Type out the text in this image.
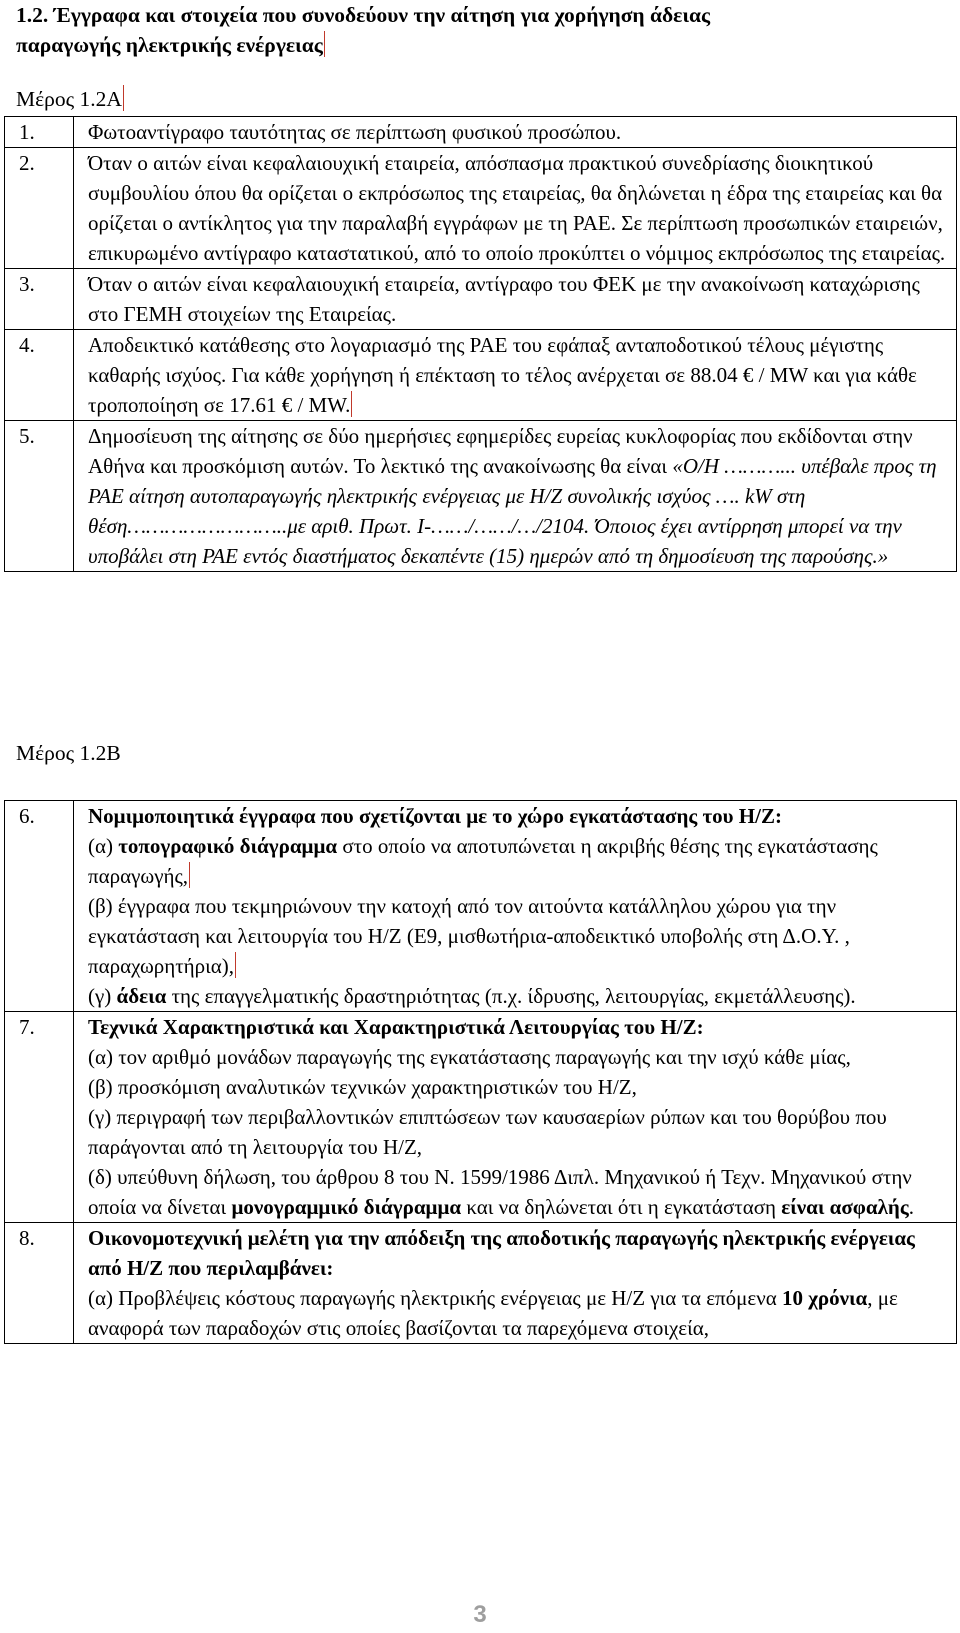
1.2. Έγγραφα και στοιχεία που συνοδεύουν την αίτηση για χορήγηση άδειας
παραγωγής ηλεκτρικής ενέργειας
Μέρος 1.2Α
1.	Φωτοαντίγραφο ταυτότητας σε περίπτωση φυσικού προσώπου.
2.	Όταν ο αιτών είναι κεφαλαιουχική εταιρεία, απόσπασμα πρακτικού συνεδρίασης διοικητικού συμβουλίου όπου θα ορίζεται ο εκπρόσωπος της εταιρείας, θα δηλώνεται η έδρα της εταιρείας και θα ορίζεται ο αντίκλητος για την παραλαβή εγγράφων με τη ΡΑΕ. Σε περίπτωση προσωπικών εταιρειών, επικυρωμένο αντίγραφο καταστατικού, από το οποίο προκύπτει ο νόμιμος εκπρόσωπος της εταιρείας.
3.	Όταν ο αιτών είναι κεφαλαιουχική εταιρεία, αντίγραφο του ΦΕΚ με την ανακοίνωση καταχώρισης στο ΓΕΜΗ στοιχείων της Εταιρείας.
4.	Αποδεικτικό κατάθεσης στο λογαριασμό της ΡΑΕ του εφάπαξ ανταποδοτικού τέλους μέγιστης καθαρής ισχύος. Για κάθε χορήγηση ή επέκταση το τέλος ανέρχεται σε 88.04 € / MW και για κάθε τροποποίηση σε 17.61 € / MW.
5.	Δημοσίευση της αίτησης σε δύο ημερήσιες εφημερίδες ευρείας κυκλοφορίας που εκδίδονται στην Αθήνα και προσκόμιση αυτών. Το λεκτικό της ανακοίνωσης θα είναι «Ο/Η ………... υπέβαλε προς τη ΡΑΕ αίτηση αυτοπαραγωγής ηλεκτρικής ενέργειας με Η/Ζ συνολικής ισχύος …. kW στη θέση……………………..με αριθ. Πρωτ. Ι-……/……/…/2104. Όποιος έχει αντίρρηση μπορεί να την υποβάλει στη ΡΑΕ εντός διαστήματος δεκαπέντε (15) ημερών από τη δημοσίευση της παρούσης.»
Μέρος 1.2Β
6.	Νομιμοποιητικά έγγραφα που σχετίζονται με το χώρο εγκατάστασης του Η/Ζ:

(α) τοπογραφικό διάγραμμα στο οποίο να αποτυπώνεται η ακριβής θέσης της εγκατάστασης παραγωγής,

(β) έγγραφα που τεκμηριώνουν την κατοχή από τον αιτούντα κατάλληλου χώρου για την εγκατάσταση και λειτουργία του Η/Ζ (Ε9, μισθωτήρια-αποδεικτικό υποβολής στη Δ.Ο.Υ. , παραχωρητήρια),

(γ) άδεια της επαγγελματικής δραστηριότητας (π.χ. ίδρυσης, λειτουργίας, εκμετάλλευσης).

7.	Τεχνικά Χαρακτηριστικά και Χαρακτηριστικά Λειτουργίας του Η/Ζ:

(α) τον αριθμό μονάδων παραγωγής της εγκατάστασης παραγωγής και την ισχύ κάθε μίας,

(β) προσκόμιση αναλυτικών τεχνικών χαρακτηριστικών του Η/Ζ,

(γ) περιγραφή των περιβαλλοντικών επιπτώσεων των καυσαερίων ρύπων και του θορύβου που παράγονται από τη λειτουργία του Η/Ζ,

(δ) υπεύθυνη δήλωση, του άρθρου 8 του Ν. 1599/1986 Διπλ. Μηχανικού ή Τεχν. Μηχανικού στην οποία να δίνεται μονογραμμικό διάγραμμα και να δηλώνεται ότι η εγκατάσταση είναι ασφαλής.

8.	Οικονομοτεχνική μελέτη για την απόδειξη της αποδοτικής παραγωγής ηλεκτρικής ενέργειας από Η/Ζ που περιλαμβάνει:

(α) Προβλέψεις κόστους παραγωγής ηλεκτρικής ενέργειας με Η/Ζ για τα επόμενα 10 χρόνια, με αναφορά των παραδοχών στις οποίες βασίζονται τα παρεχόμενα στοιχεία,

3
